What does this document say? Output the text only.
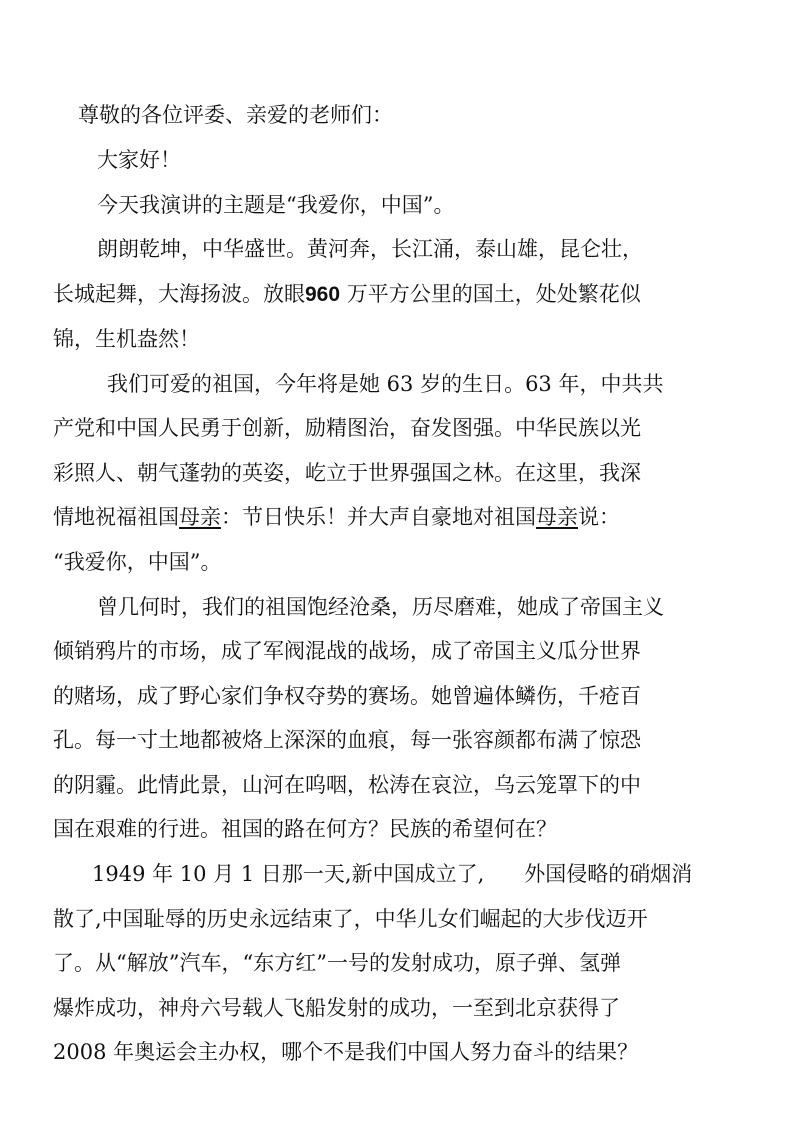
尊敬的各位评委、亲爱的老师们：
大家好！
今天我演讲的主题是“我爱你，中国”。
朗朗乾坤，中华盛世。黄河奔，长江涌，泰山雄，昆仑壮，
长城起舞，大海扬波。放眼960 万平方公里的国土，处处繁花似
锦，生机盎然！
我们可爱的祖国，今年将是她 63 岁的生日。63 年，中共共
产党和中国人民勇于创新，励精图治，奋发图强。中华民族以光
彩照人、朝气蓬勃的英姿，屹立于世界强国之林。在这里，我深
情地祝福祖国母亲：节日快乐！并大声自豪地对祖国母亲说：
“我爱你，中国”。
曾几何时，我们的祖国饱经沧桑，历尽磨难，她成了帝国主义
倾销鸦片的市场，成了军阀混战的战场，成了帝国主义瓜分世界
的赌场，成了野心家们争权夺势的赛场。她曾遍体鳞伤，千疮百
孔。每一寸土地都被烙上深深的血痕，每一张容颜都布满了惊恐
的阴霾。此情此景，山河在呜咽，松涛在哀泣，乌云笼罩下的中
国在艰难的行进。祖国的路在何方？民族的希望何在？
1949 年 10 月 1 日那一天,新中国成立了,      外国侵略的硝烟消
散了,中国耻辱的历史永远结束了，中华儿女们崛起的大步伐迈开
了。从“解放”汽车，“东方红”一号的发射成功，原子弹、氢弹
爆炸成功，神舟六号载人飞船发射的成功，一至到北京获得了
2008 年奥运会主办权，哪个不是我们中国人努力奋斗的结果？
